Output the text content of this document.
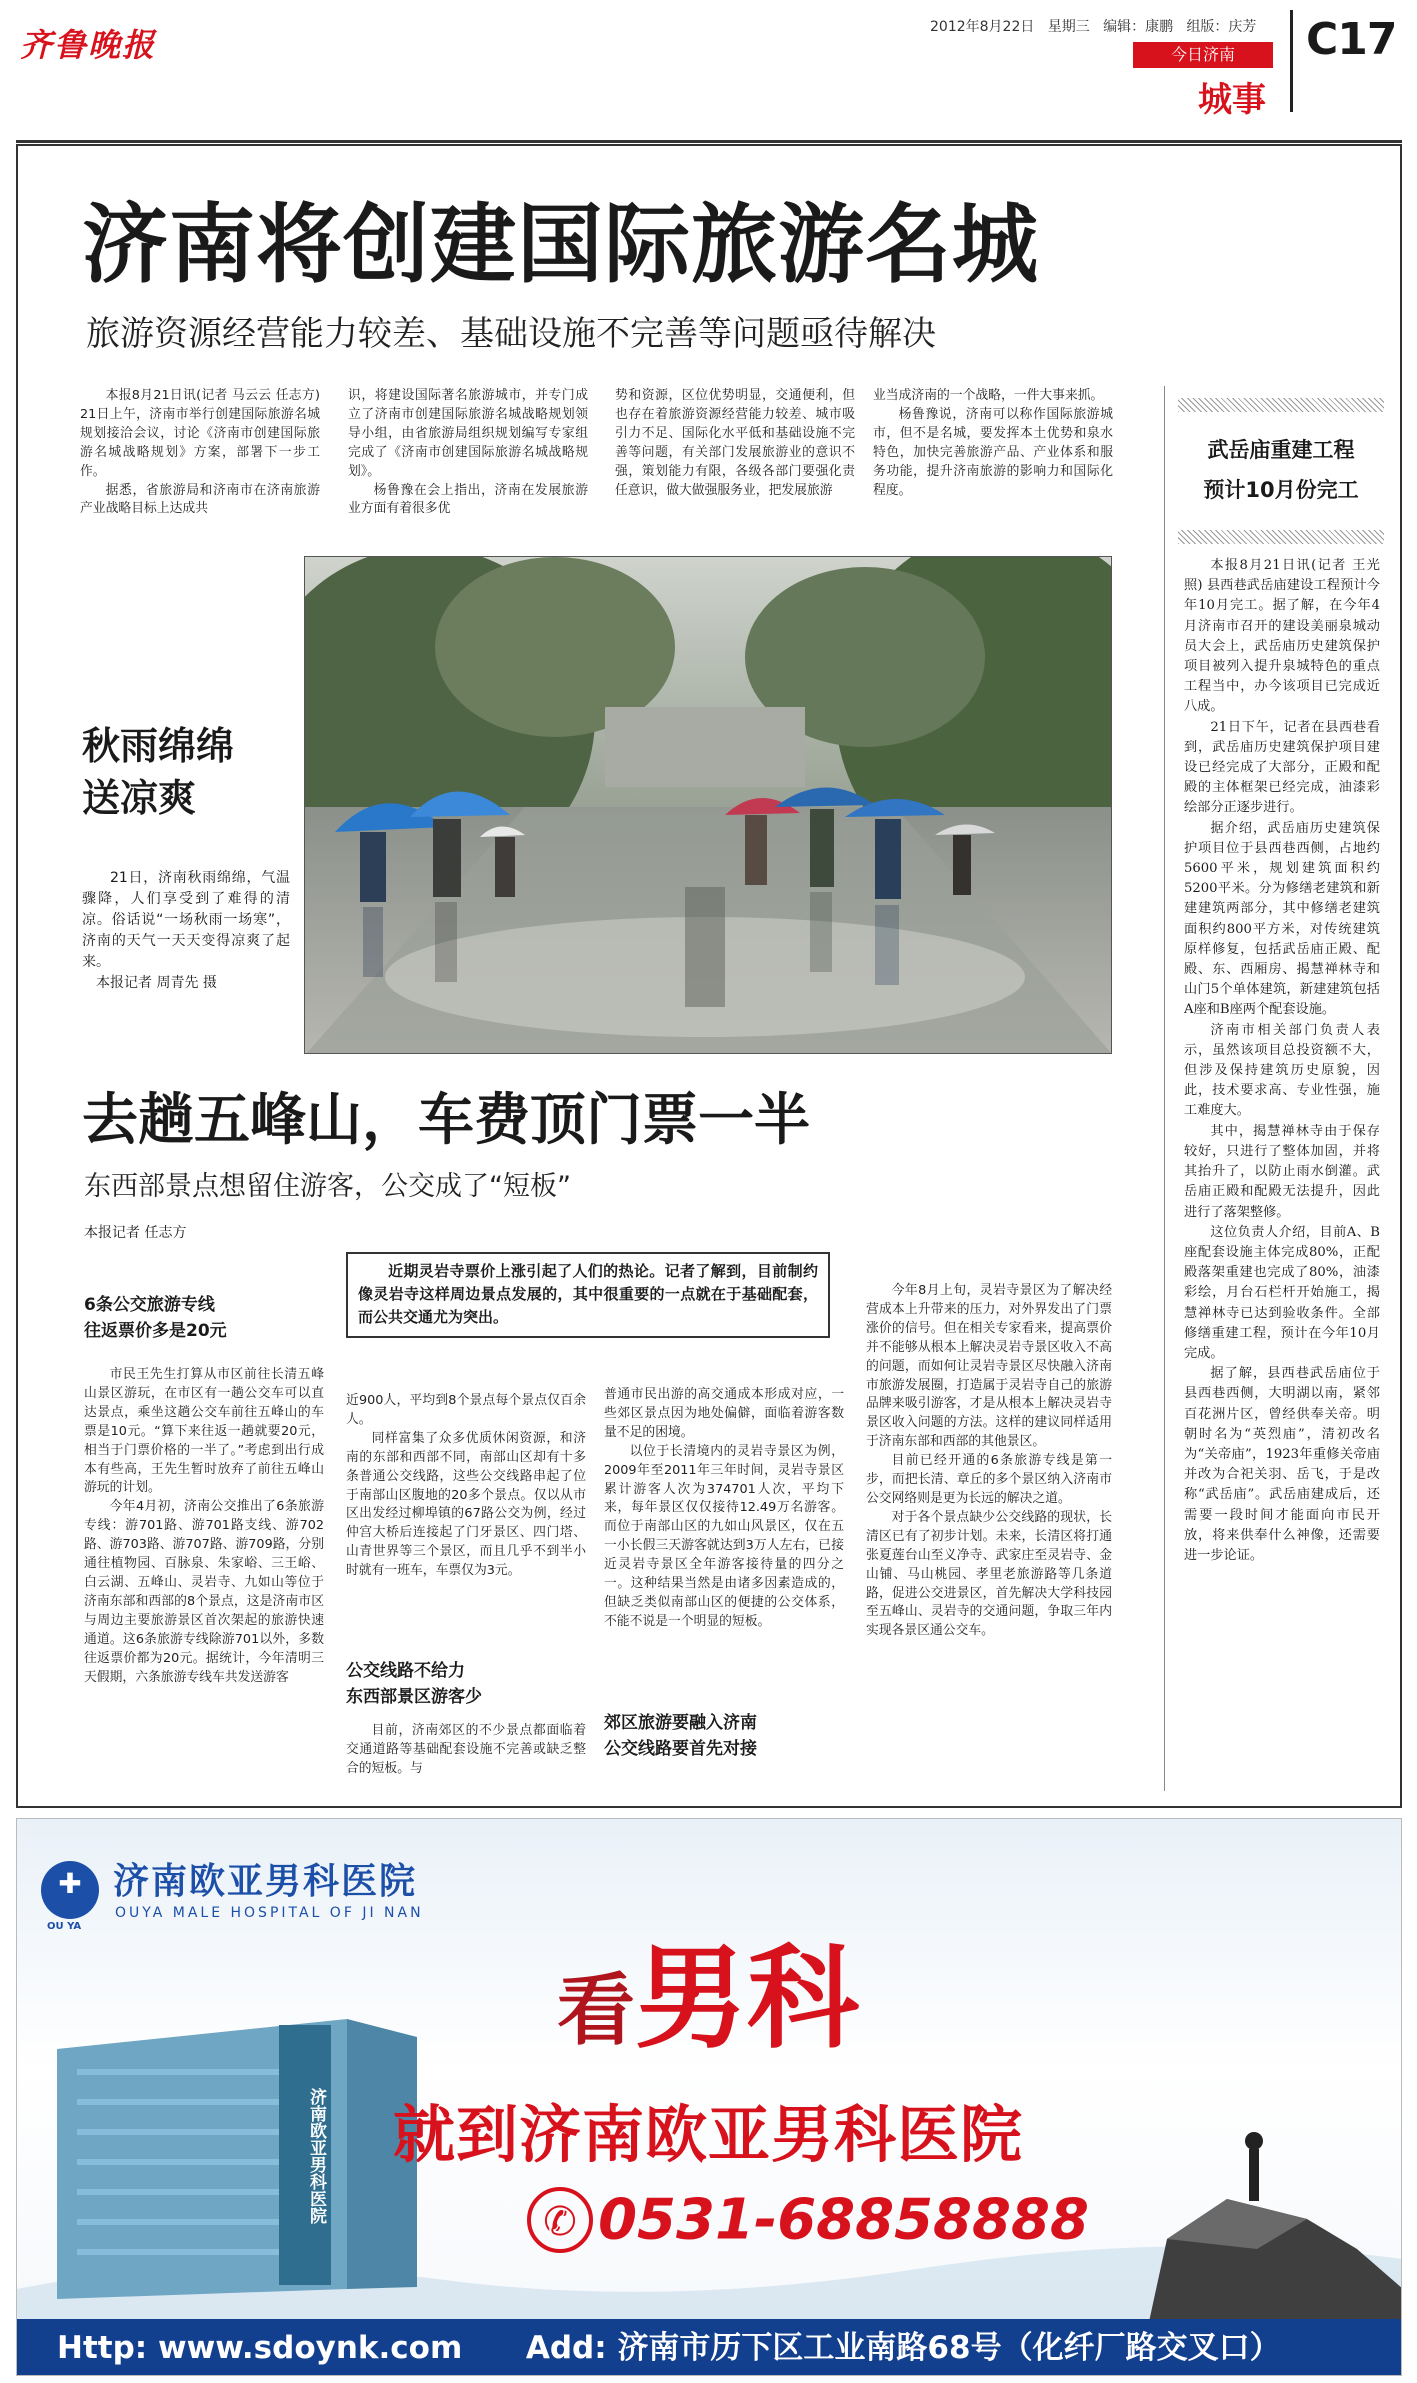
齐鲁晚报	2012年8月22日 星期三 编辑：康鹏 组版：庆芳
今日济南
城事
C17
济南将创建国际旅游名城
旅游资源经营能力较差、基础设施不完善等问题亟待解决

本报8月21日讯(记者 马云云 任志方) 21日上午，济南市举行创建国际旅游名城规划接洽会议，讨论《济南市创建国际旅游名城战略规划》方案，部署下一步工作。

据悉，省旅游局和济南市在济南旅游产业战略目标上达成共

识，将建设国际著名旅游城市，并专门成立了济南市创建国际旅游名城战略规划领导小组，由省旅游局组织规划编写专家组完成了《济南市创建国际旅游名城战略规划》。

杨鲁豫在会上指出，济南在发展旅游业方面有着很多优

势和资源，区位优势明显，交通便利，但也存在着旅游资源经营能力较差、城市吸引力不足、国际化水平低和基础设施不完善等问题，有关部门发展旅游业的意识不强，策划能力有限，各级各部门要强化责任意识，做大做强服务业，把发展旅游

业当成济南的一个战略，一件大事来抓。

杨鲁豫说，济南可以称作国际旅游城市，但不是名城，要发挥本土优势和泉水特色，加快完善旅游产品、产业体系和服务功能，提升济南旅游的影响力和国际化程度。

秋雨绵绵
送凉爽

21日，济南秋雨绵绵，气温骤降，人们享受到了难得的清凉。俗话说“一场秋雨一场寒”，济南的天气一天天变得凉爽了起来。

本报记者 周青先 摄
去趟五峰山，车费顶门票一半
东西部景点想留住游客，公交成了“短板”
本报记者 任志方
近期灵岩寺票价上涨引起了人们的热论。记者了解到，目前制约像灵岩寺这样周边景点发展的，其中很重要的一点就在于基础配套，而公共交通尤为突出。
6条公交旅游专线
往返票价多是20元

市民王先生打算从市区前往长清五峰山景区游玩，在市区有一趟公交车可以直达景点，乘坐这趟公交车前往五峰山的车票是10元。“算下来往返一趟就要20元，相当于门票价格的一半了。”考虑到出行成本有些高，王先生暂时放弃了前往五峰山游玩的计划。

今年4月初，济南公交推出了6条旅游专线：游701路、游701路支线、游702路、游703路、游707路、游709路，分别通往植物园、百脉泉、朱家峪、三王峪、白云湖、五峰山、灵岩寺、九如山等位于济南东部和西部的8个景点，这是济南市区与周边主要旅游景区首次架起的旅游快速通道。这6条旅游专线除游701以外，多数往返票价都为20元。据统计，今年清明三天假期，六条旅游专线车共发送游客

近900人，平均到8个景点每个景点仅百余人。

同样富集了众多优质休闲资源，和济南的东部和西部不同，南部山区却有十多条普通公交线路，这些公交线路串起了位于南部山区腹地的20多个景点。仅以从市区出发经过柳埠镇的67路公交为例，经过仲宫大桥后连接起了门牙景区、四门塔、山青世界等三个景区，而且几乎不到半小时就有一班车，车票仅为3元。

公交线路不给力
东西部景区游客少

目前，济南郊区的不少景点都面临着交通道路等基础配套设施不完善或缺乏整合的短板。与

普通市民出游的高交通成本形成对应，一些郊区景点因为地处偏僻，面临着游客数量不足的困境。

以位于长清境内的灵岩寺景区为例，2009年至2011年三年时间，灵岩寺景区累计游客人次为374701人次，平均下来，每年景区仅仅接待12.49万名游客。而位于南部山区的九如山风景区，仅在五一小长假三天游客就达到3万人左右，已接近灵岩寺景区全年游客接待量的四分之一。这种结果当然是由诸多因素造成的，但缺乏类似南部山区的便捷的公交体系，不能不说是一个明显的短板。

郊区旅游要融入济南
公交线路要首先对接

今年8月上旬，灵岩寺景区为了解决经营成本上升带来的压力，对外界发出了门票涨价的信号。但在相关专家看来，提高票价并不能够从根本上解决灵岩寺景区收入不高的问题，而如何让灵岩寺景区尽快融入济南市旅游发展圈，打造属于灵岩寺自己的旅游品牌来吸引游客，才是从根本上解决灵岩寺景区收入问题的方法。这样的建议同样适用于济南东部和西部的其他景区。

目前已经开通的6条旅游专线是第一步，而把长清、章丘的多个景区纳入济南市公交网络则是更为长远的解决之道。

对于各个景点缺少公交线路的现状，长清区已有了初步计划。未来，长清区将打通张夏莲台山至义净寺、武家庄至灵岩寺、金山铺、马山桃园、孝里老旅游路等几条道路，促进公交进景区，首先解决大学科技园至五峰山、灵岩寺的交通问题，争取三年内实现各景区通公交车。

武岳庙重建工程
预计10月份完工

本报8月21日讯(记者 王光照) 县西巷武岳庙建设工程预计今年10月完工。据了解，在今年4月济南市召开的建设美丽泉城动员大会上，武岳庙历史建筑保护项目被列入提升泉城特色的重点工程当中，办今该项目已完成近八成。

21日下午，记者在县西巷看到，武岳庙历史建筑保护项目建设已经完成了大部分，正殿和配殿的主体框架已经完成，油漆彩绘部分正逐步进行。

据介绍，武岳庙历史建筑保护项目位于县西巷西侧，占地约5600平米，规划建筑面积约5200平米。分为修缮老建筑和新建建筑两部分，其中修缮老建筑面积约800平方米，对传统建筑原样修复，包括武岳庙正殿、配殿、东、西厢房、揭慧禅林寺和山门5个单体建筑，新建建筑包括A座和B座两个配套设施。

济南市相关部门负责人表示，虽然该项目总投资额不大，但涉及保持建筑历史原貌，因此，技术要求高、专业性强，施工难度大。

其中，揭慧禅林寺由于保存较好，只进行了整体加固，并将其抬升了，以防止雨水倒灌。武岳庙正殿和配殿无法提升，因此进行了落架整修。

这位负责人介绍，目前A、B座配套设施主体完成80%，正配殿落架重建也完成了80%，油漆彩绘，月台石栏杆开始施工，揭慧禅林寺已达到验收条件。全部修缮重建工程，预计在今年10月完成。

据了解，县西巷武岳庙位于县西巷西侧，大明湖以南，紧邻百花洲片区，曾经供奉关帝。明朝时名为“英烈庙”，清初改名为“关帝庙”，1923年重修关帝庙并改为合祀关羽、岳飞，于是改称“武岳庙”。武岳庙建成后，还需要一段时间才能面向市民开放，将来供奉什么神像，还需要进一步论证。

✚
OU YA
济南欧亚男科医院
OUYA MALE HOSPITAL OF JI NAN
济南欧亚男科医院
看男科
就到济南欧亚男科医院
✆ 0531-68858888
Http: www.sdoynk.com Add: 济南市历下区工业南路68号（化纤厂路交叉口）
